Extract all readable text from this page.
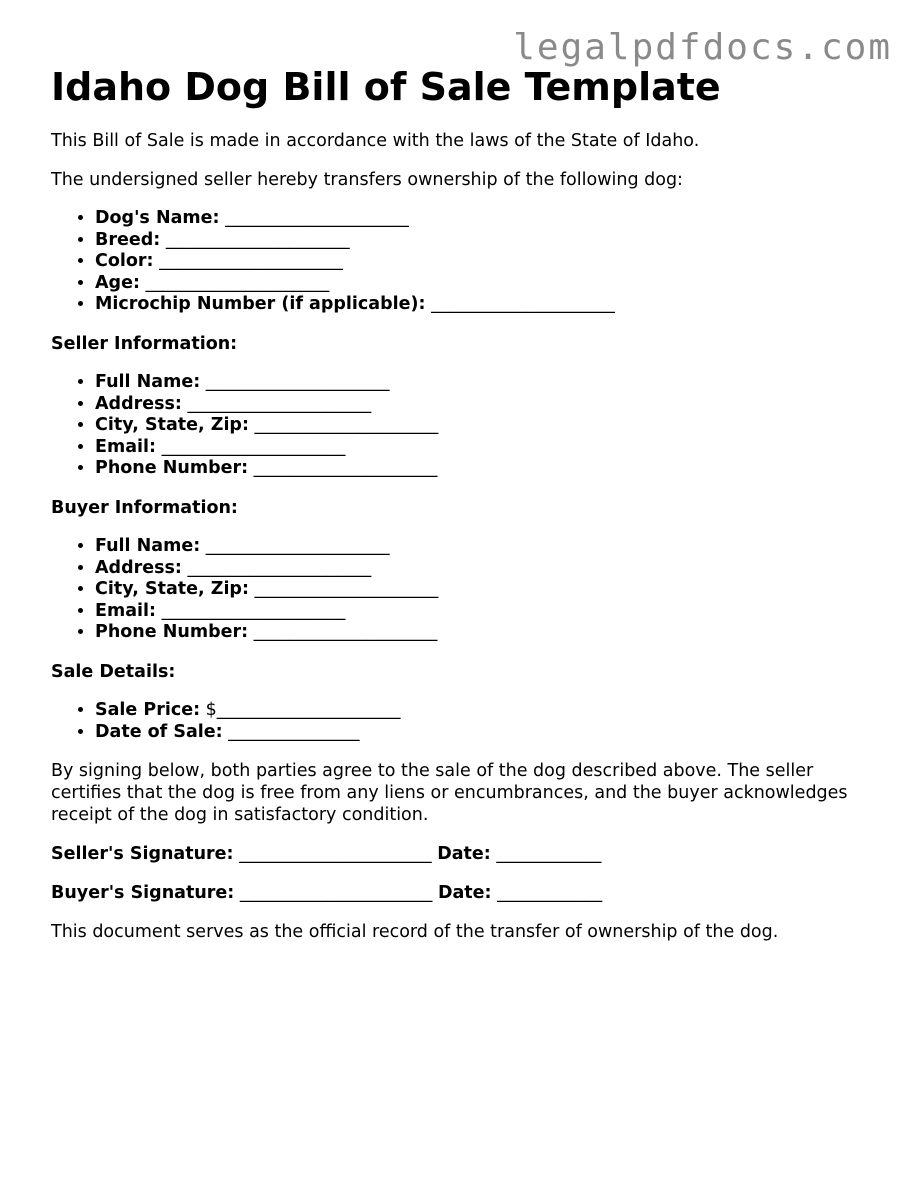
legalpdfdocs.com
Idaho Dog Bill of Sale Template

This Bill of Sale is made in accordance with the laws of the State of Idaho.

The undersigned seller hereby transfers ownership of the following dog:

• Dog's Name: _____________________
• Breed: _____________________
• Color: _____________________
• Age: _____________________
• Microchip Number (if applicable): _____________________
Seller Information:
• Full Name: _____________________
• Address: _____________________
• City, State, Zip: _____________________
• Email: _____________________
• Phone Number: _____________________
Buyer Information:
• Full Name: _____________________
• Address: _____________________
• City, State, Zip: _____________________
• Email: _____________________
• Phone Number: _____________________
Sale Details:
• Sale Price: $_____________________
• Date of Sale: _______________

By signing below, both parties agree to the sale of the dog described above. The seller certifies that the dog is free from any liens or encumbrances, and the buyer acknowledges receipt of the dog in satisfactory condition.

Seller's Signature: ______________________ Date: ____________
Buyer's Signature: ______________________ Date: ____________

This document serves as the official record of the transfer of ownership of the dog.
